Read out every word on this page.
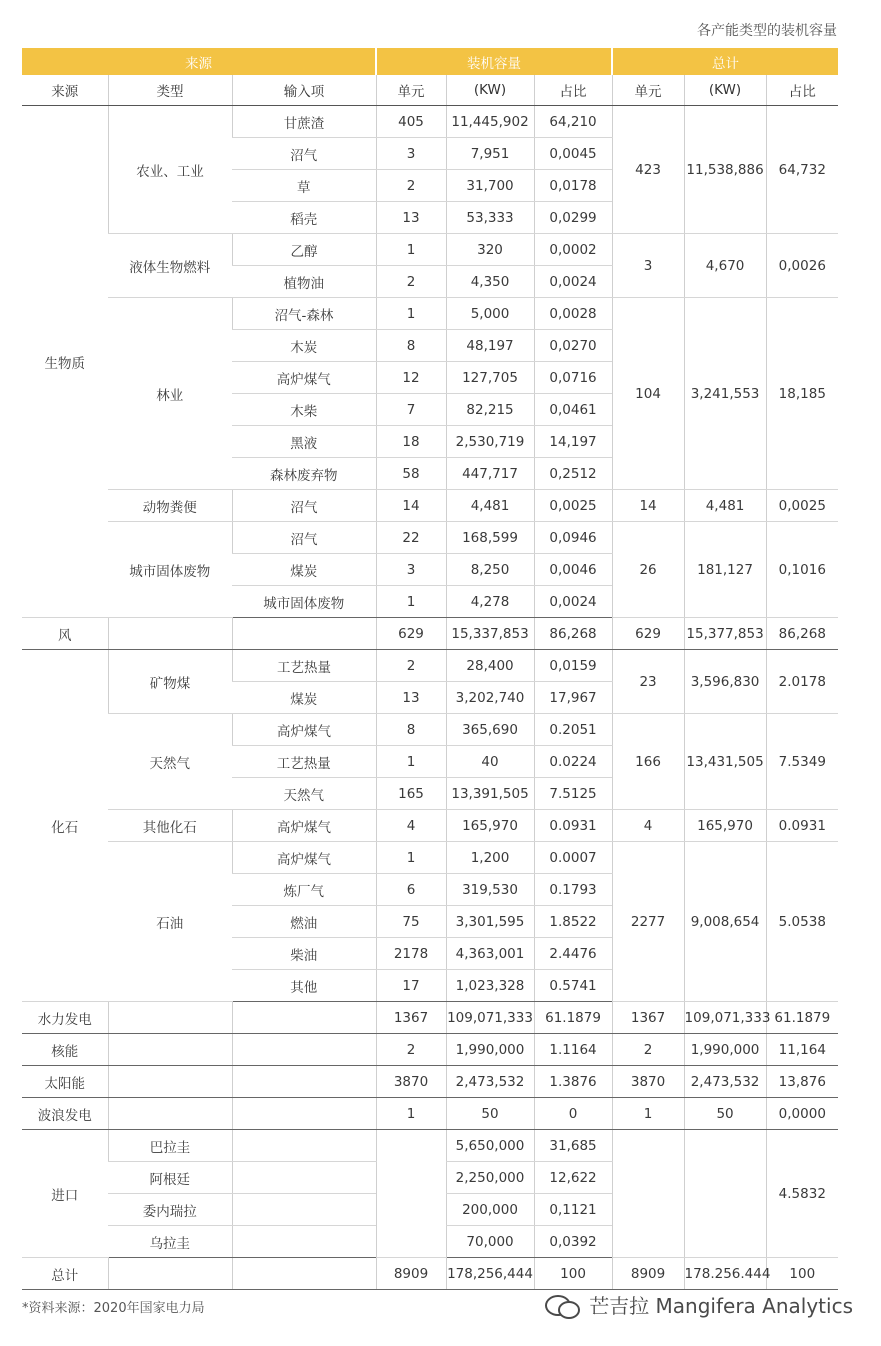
各产能类型的装机容量
来源			装机容量			总计		
来源	类型	输入项	单元	(KW)	占比	单元	(KW)	占比
生物质	农业、工业	甘蔗渣	405	11,445,902	64,210	423	11,538,886	64,732
		沼气	3	7,951	0,0045			
		草	2	31,700	0,0178			
		稻壳	13	53,333	0,0299			
	液体生物燃料	乙醇	1	320	0,0002	3	4,670	0,0026
		植物油	2	4,350	0,0024			
	林业	沼气-森林	1	5,000	0,0028	104	3,241,553	18,185
		木炭	8	48,197	0,0270			
		高炉煤气	12	127,705	0,0716			
		木柴	7	82,215	0,0461			
		黑液	18	2,530,719	14,197			
		森林废弃物	58	447,717	0,2512			
	动物粪便	沼气	14	4,481	0,0025	14	4,481	0,0025
	城市固体废物	沼气	22	168,599	0,0946	26	181,127	0,1016
		煤炭	3	8,250	0,0046			
		城市固体废物	1	4,278	0,0024			
风			629	15,337,853	86,268	629	15,377,853	86,268
化石	矿物煤	工艺热量	2	28,400	0,0159	23	3,596,830	2.0178
		煤炭	13	3,202,740	17,967			
	天然气	高炉煤气	8	365,690	0.2051	166	13,431,505	7.5349
		工艺热量	1	40	0.0224			
		天然气	165	13,391,505	7.5125			
	其他化石	高炉煤气	4	165,970	0.0931	4	165,970	0.0931
	石油	高炉煤气	1	1,200	0.0007	2277	9,008,654	5.0538
		炼厂气	6	319,530	0.1793			
		燃油	75	3,301,595	1.8522			
		柴油	2178	4,363,001	2.4476			
		其他	17	1,023,328	0.5741			
水力发电			1367	109,071,333	61.1879	1367	109,071,333	61.1879
核能			2	1,990,000	1.1164	2	1,990,000	11,164
太阳能			3870	2,473,532	1.3876	3870	2,473,532	13,876
波浪发电			1	50	0	1	50	0,0000
进口	巴拉圭			5,650,000	31,685			4.5832
	阿根廷			2,250,000	12,622			
	委内瑞拉			200,000	0,1121			
	乌拉圭			70,000	0,0392			
总计			8909	178,256,444	100	8909	178.256.444	100
*资料来源：2020年国家电力局	芒吉拉 Mangifera Analytics
